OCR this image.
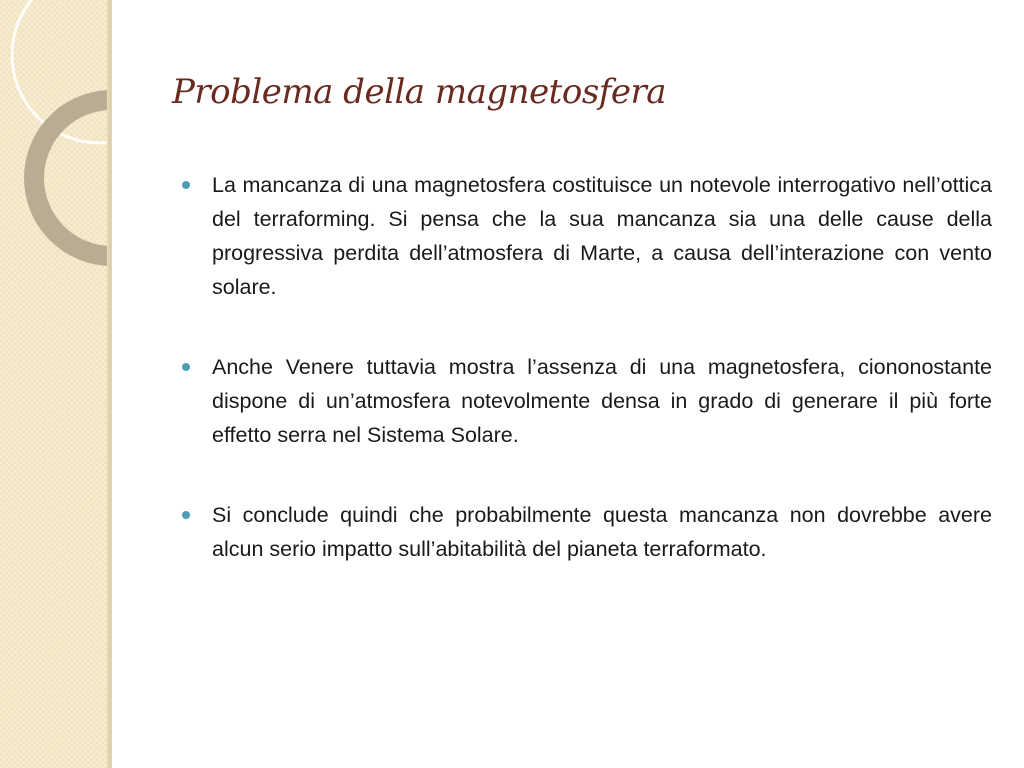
Problema della magnetosfera
La mancanza di una magnetosfera costituisce un notevole interrogativo nell’ottica del terraforming. Si pensa che la sua mancanza sia una delle cause della progressiva perdita dell’atmosfera di Marte, a causa dell’interazione con vento solare.
Anche Venere tuttavia mostra l’assenza di una magnetosfera, ciononostante dispone di un’atmosfera notevolmente densa in grado di generare il più forte effetto serra nel Sistema Solare.
Si conclude quindi che probabilmente questa mancanza non dovrebbe avere alcun serio impatto sull’abitabilità del pianeta terraformato.
